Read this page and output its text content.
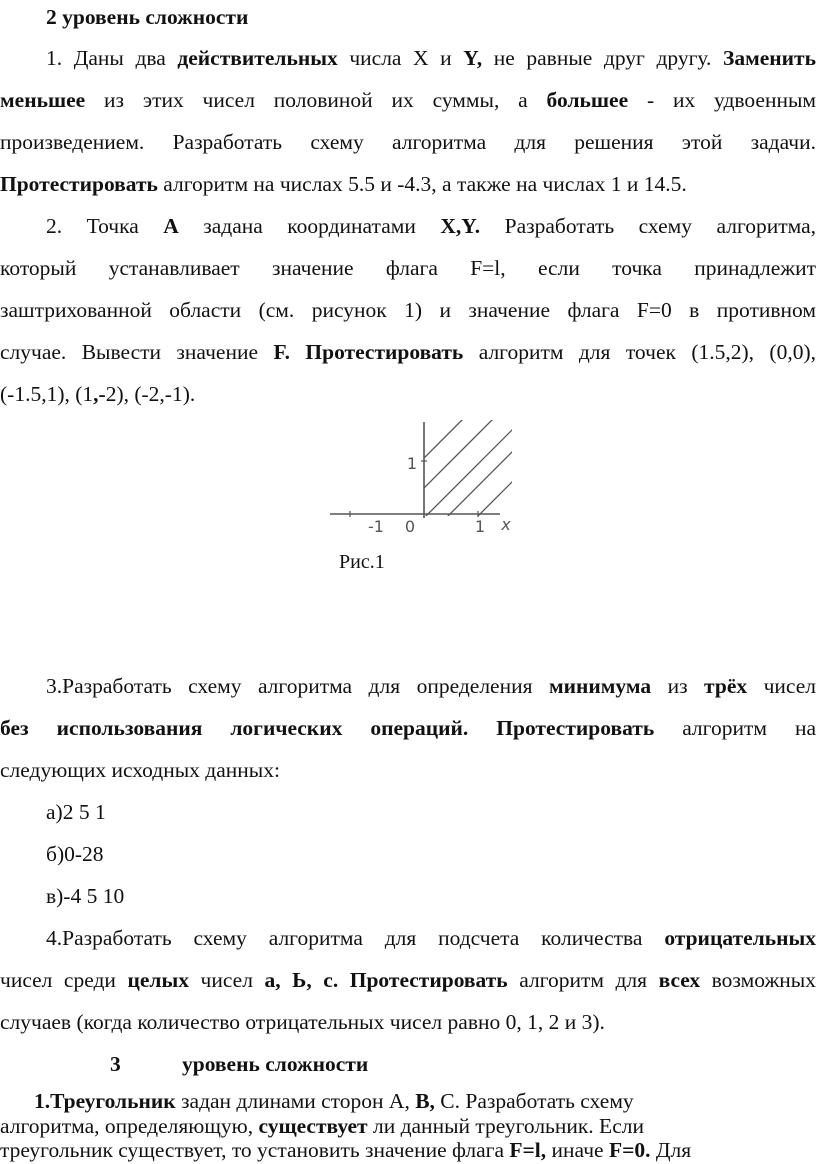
2 уровень сложности
1. Даны два действительных числа X и Y, не равные друг другу. Заменить
меньшее из этих чисел половиной их суммы, а большее - их удвоенным
произведением. Разработать схему алгоритма для решения этой задачи.
Протестировать алгоритм на числах 5.5 и -4.3, а также на числах 1 и 14.5.
2. Точка А задана координатами X,Y. Разработать схему алгоритма,
который устанавливает значение флага F=l, если точка принадлежит
заштрихованной области (см. рисунок 1) и значение флага F=0 в противном
случае. Вывести значение F. Протестировать алгоритм для точек (1.5,2), (0,0),
(-1.5,1), (1,-2), (-2,-1).
1
-1 0	1 x
Рис.1
3.Разработать схему алгоритма для определения минимума из трёх чисел
без использования логических операций. Протестировать алгоритм на
следующих исходных данных:
а)2 5 1
б)0-28
в)-4 5 10
4.Разработать схему алгоритма для подсчета количества отрицательных
чисел среди целых чисел а, Ь, с. Протестировать алгоритм для всех возможных
случаев (когда количество отрицательных чисел равно 0, 1, 2 и 3).
3	уровень сложности
1.Треугольник задан длинами сторон А, В, С. Разработать схему
алгоритма, определяющую, существует ли данный треугольник. Если
треугольник существует, то установить значение флага F=l, иначе F=0. Для
